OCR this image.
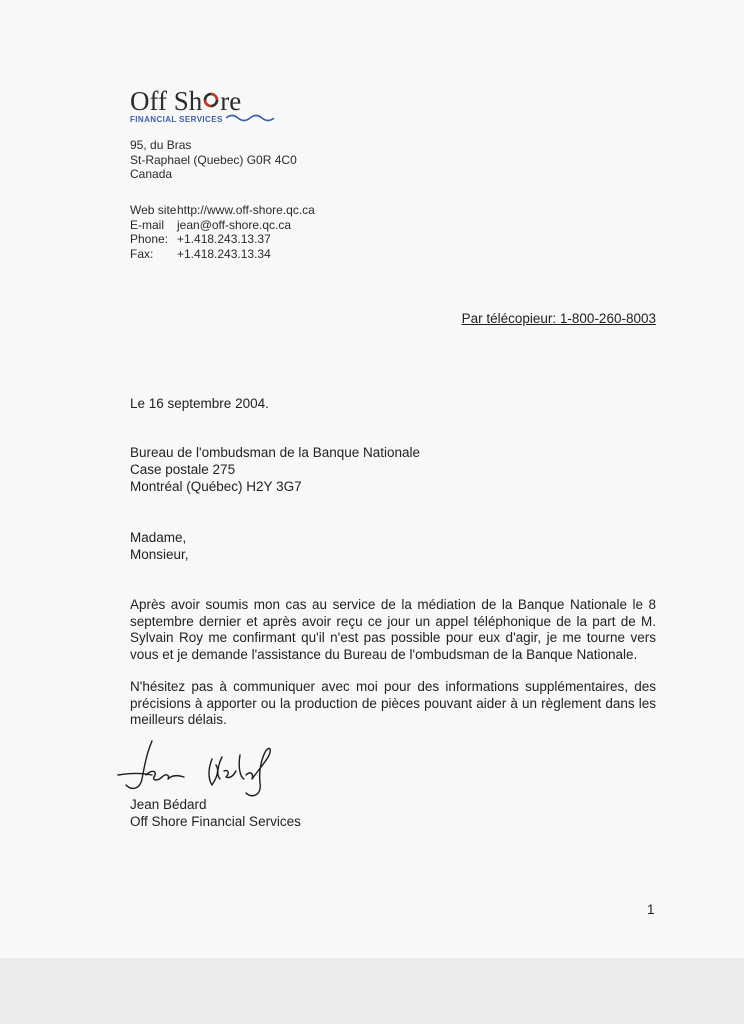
Off Sh re
FINANCIAL SERVICES
95, du Bras
St-Raphael (Quebec) G0R 4C0
Canada
Web sitehttp://www.off-shore.qc.ca
E-mail jean@off-shore.qc.ca
Phone: +1.418.243.13.37
Fax: +1.418.243.13.34
Par télécopieur: 1-800-260-8003
Le 16 septembre 2004.
Bureau de l'ombudsman de la Banque Nationale
Case postale 275
Montréal (Québec) H2Y 3G7
Madame,
Monsieur,
Après avoir soumis mon cas au service de la médiation de la Banque Nationale le 8 septembre dernier et après avoir reçu ce jour un appel téléphonique de la part de M. Sylvain Roy me confirmant qu'il n'est pas possible pour eux d'agir, je me tourne vers vous et je demande l'assistance du Bureau de l'ombudsman de la Banque Nationale.
N'hésitez pas à communiquer avec moi pour des informations supplémentaires, des précisions à apporter ou la production de pièces pouvant aider à un règlement dans les meilleurs délais.
Jean Bédard
Off Shore Financial Services
1
